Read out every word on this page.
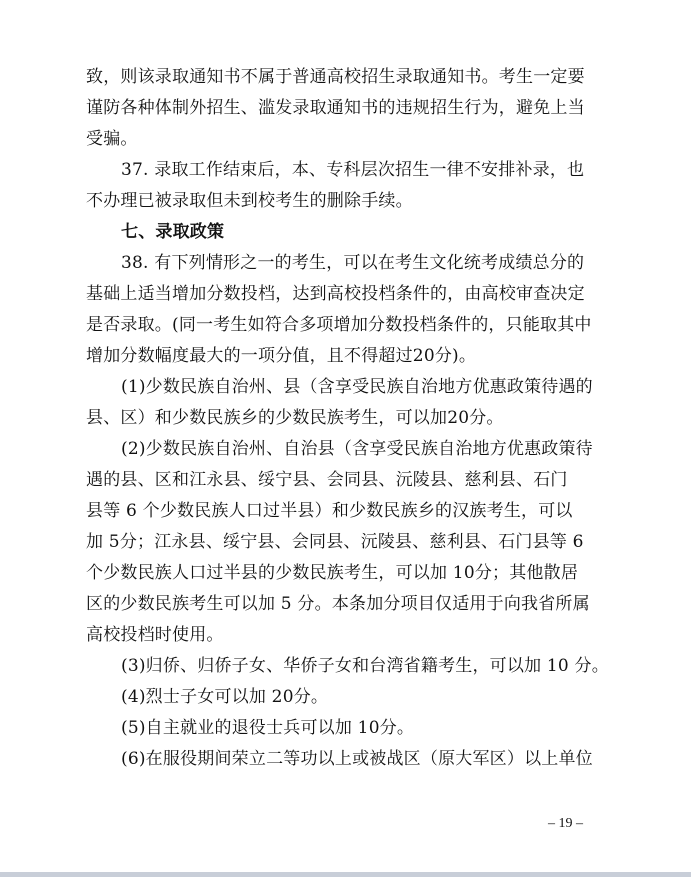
致，则该录取通知书不属于普通高校招生录取通知书。考生一定要
谨防各种体制外招生、滥发录取通知书的违规招生行为，避免上当
受骗。
37. 录取工作结束后，本、专科层次招生一律不安排补录，也
不办理已被录取但未到校考生的删除手续。
七、录取政策
38. 有下列情形之一的考生，可以在考生文化统考成绩总分的
基础上适当增加分数投档，达到高校投档条件的，由高校审查决定
是否录取。(同一考生如符合多项增加分数投档条件的，只能取其中
增加分数幅度最大的一项分值，且不得超过20分)。
(1)少数民族自治州、县（含享受民族自治地方优惠政策待遇的
县、区）和少数民族乡的少数民族考生，可以加20分。
(2)少数民族自治州、自治县（含享受民族自治地方优惠政策待
遇的县、区和江永县、绥宁县、会同县、沅陵县、慈利县、石门
县等 6 个少数民族人口过半县）和少数民族乡的汉族考生，可以
加 5分；江永县、绥宁县、会同县、沅陵县、慈利县、石门县等 6
个少数民族人口过半县的少数民族考生，可以加 10分；其他散居
区的少数民族考生可以加 5 分。本条加分项目仅适用于向我省所属
高校投档时使用。
(3)归侨、归侨子女、华侨子女和台湾省籍考生，可以加 10 分。
(4)烈士子女可以加 20分。
(5)自主就业的退役士兵可以加 10分。
(6)在服役期间荣立二等功以上或被战区（原大军区）以上单位
– 19 –
